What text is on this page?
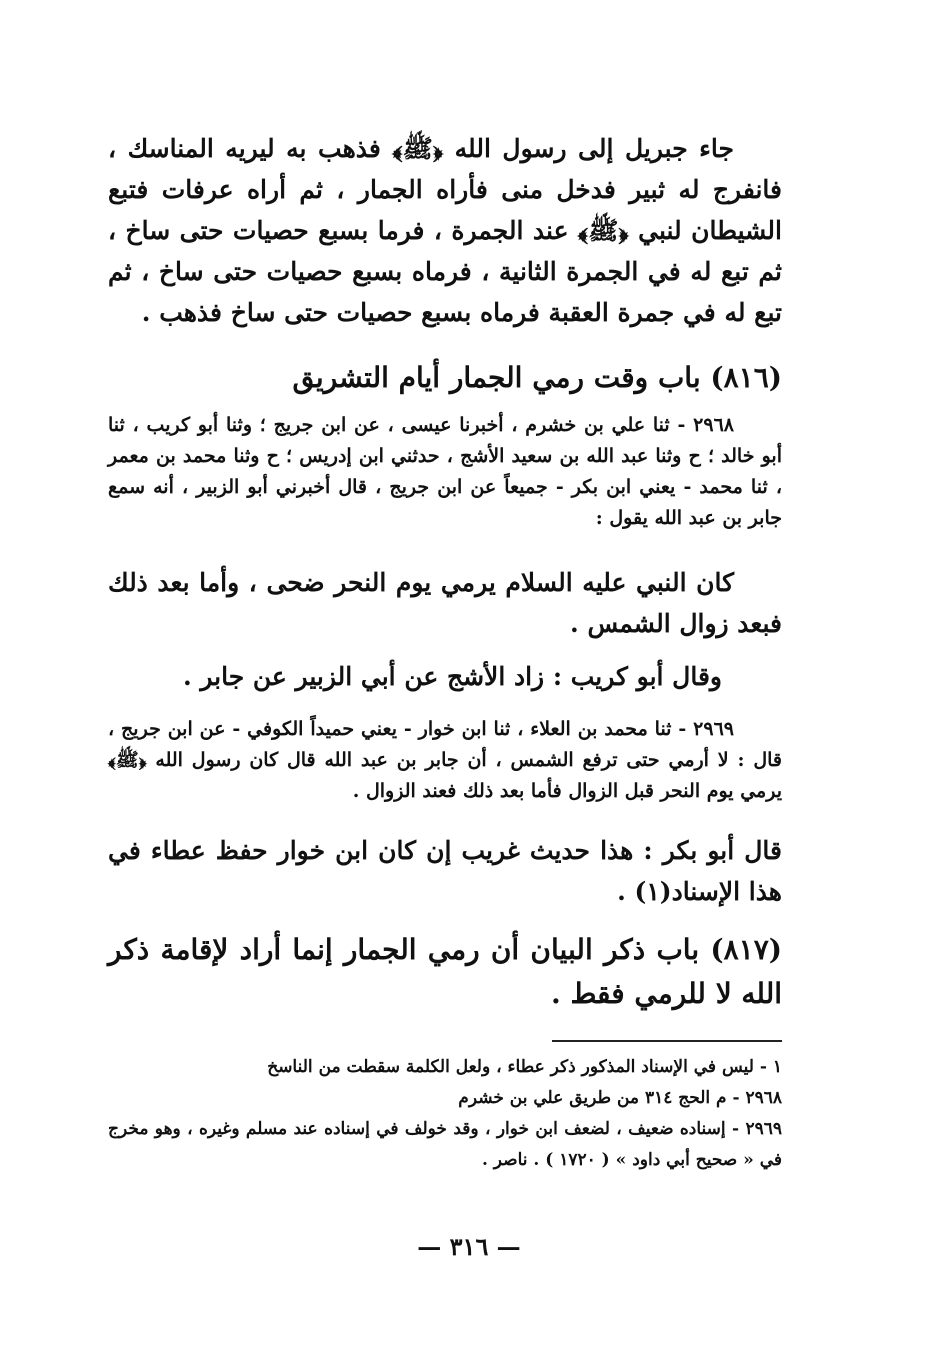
جاء جبريل إلى رسول الله ﴿ﷺ﴾ فذهب به ليريه المناسك ، فانفرج له ثبير فدخل منى فأراه الجمار ، ثم أراه عرفات فتبع الشيطان لنبي ﴿ﷺ﴾ عند الجمرة ، فرما بسبع حصيات حتى ساخ ، ثم تبع له في الجمرة الثانية ، فرماه بسبع حصيات حتى ساخ ، ثم تبع له في جمرة العقبة فرماه بسبع حصيات حتى ساخ فذهب .

(٨١٦) باب وقت رمي الجمار أيام التشريق

٢٩٦٨ - ثنا علي بن خشرم ، أخبرنا عيسى ، عن ابن جريج ؛ وثنا أبو كريب ، ثنا أبو خالد ؛ ح وثنا عبد الله بن سعيد الأشج ، حدثني ابن إدريس ؛ ح وثنا محمد بن معمر ، ثنا محمد - يعني ابن بكر - جميعاً عن ابن جريج ، قال أخبرني أبو الزبير ، أنه سمع جابر بن عبد الله يقول :

كان النبي عليه السلام يرمي يوم النحر ضحى ، وأما بعد ذلك فبعد زوال الشمس .

وقال أبو كريب : زاد الأشج عن أبي الزبير عن جابر .

٢٩٦٩ - ثنا محمد بن العلاء ، ثنا ابن خوار - يعني حميداً الكوفي - عن ابن جريج ، قال : لا أرمي حتى ترفع الشمس ، أن جابر بن عبد الله قال كان رسول الله ﴿ﷺ﴾ يرمي يوم النحر قبل الزوال فأما بعد ذلك فعند الزوال .

قال أبو بكر : هذا حديث غريب إن كان ابن خوار حفظ عطاء في هذا الإسناد(١) .

(٨١٧) باب ذكر البيان أن رمي الجمار إنما أراد لإقامة ذكر الله لا للرمي فقط .

١ - ليس في الإسناد المذكور ذكر عطاء ، ولعل الكلمة سقطت من الناسخ

٢٩٦٨ - م الحج ٣١٤ من طريق علي بن خشرم

٢٩٦٩ - إسناده ضعيف ، لضعف ابن خوار ، وقد خولف في إسناده عند مسلم وغيره ، وهو مخرج في « صحيح أبي داود » ( ١٧٢٠ ) . ناصر .

— ٣١٦ —
